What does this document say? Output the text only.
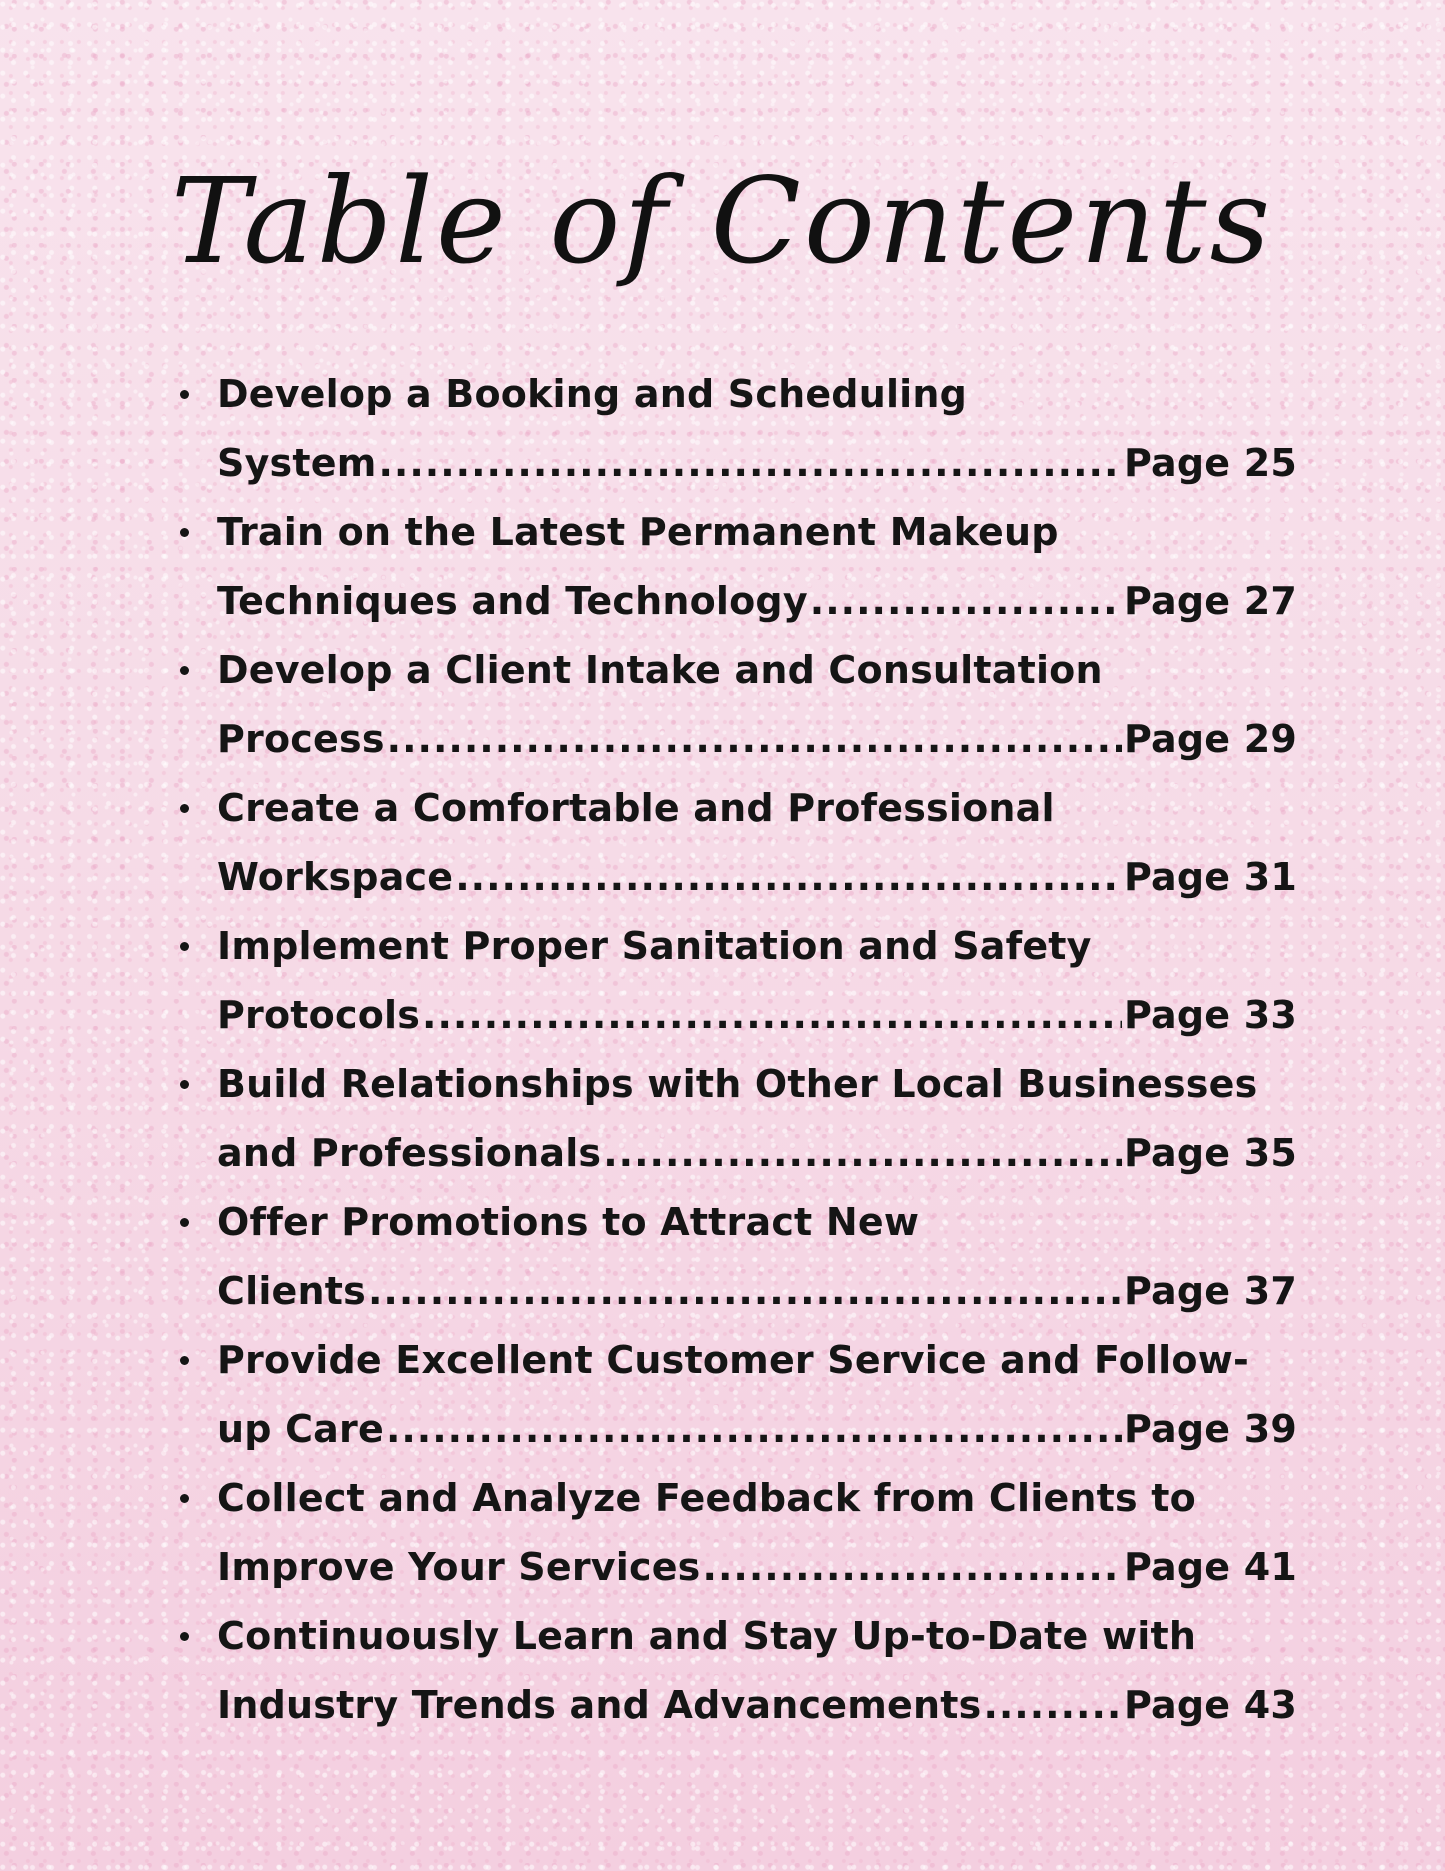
Table of Contents
Develop a Booking and Scheduling
System .....	Page 25
Train on the Latest Permanent Makeup
Techniques and Technology .....	Page 27
Develop a Client Intake and Consultation
Process .....	Page 29
Create a Comfortable and Professional
Workspace .....	Page 31
Implement Proper Sanitation and Safety
Protocols .....	Page 33
Build Relationships with Other Local Businesses
and Professionals .....	Page 35
Offer Promotions to Attract New
Clients .....	Page 37
Provide Excellent Customer Service and Follow-
up Care .....	Page 39
Collect and Analyze Feedback from Clients to
Improve Your Services .....	Page 41
Continuously Learn and Stay Up-to-Date with
Industry Trends and Advancements .....	Page 43
